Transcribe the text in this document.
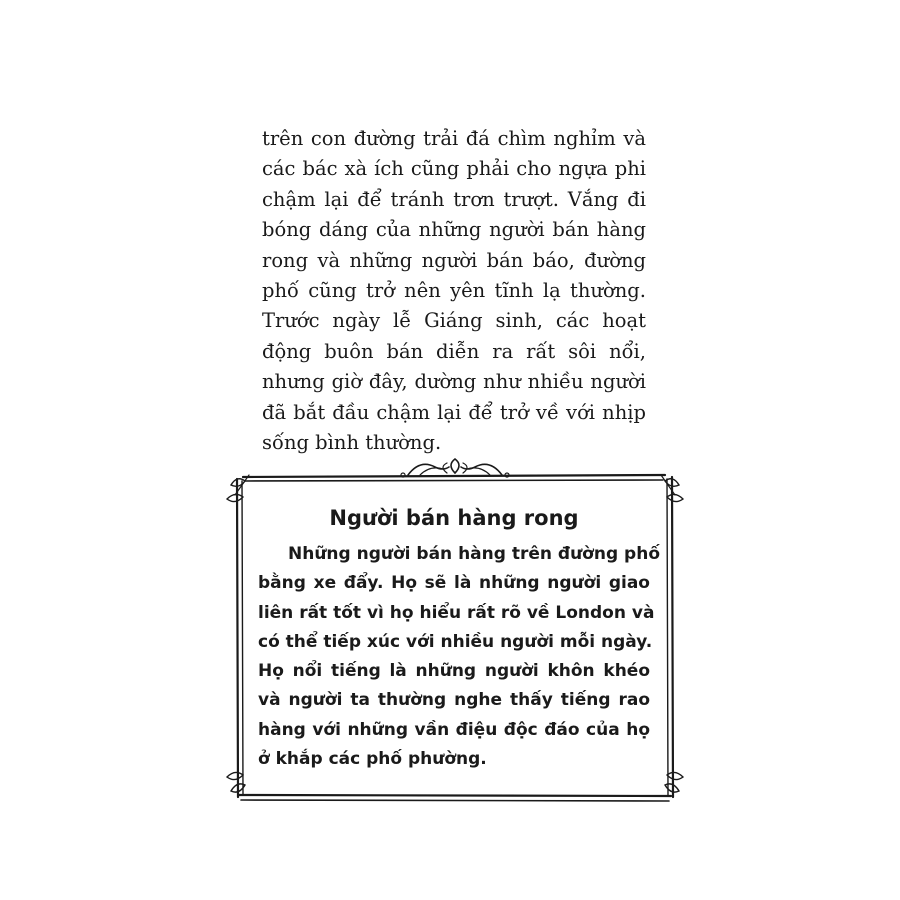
trên con đường trải đá chìm nghỉm và
các bác xà ích cũng phải cho ngựa phi
chậm lại để tránh trơn trượt. Vắng đi
bóng dáng của những người bán hàng
rong và những người bán báo, đường
phố cũng trở nên yên tĩnh lạ thường.
Trước ngày lễ Giáng sinh, các hoạt
động buôn bán diễn ra rất sôi nổi,
nhưng giờ đây, dường như nhiều người
đã bắt đầu chậm lại để trở về với nhịp
sống bình thường.
Người bán hàng rong
Những người bán hàng trên đường phố
bằng xe đẩy. Họ sẽ là những người giao
liên rất tốt vì họ hiểu rất rõ về London và
có thể tiếp xúc với nhiều người mỗi ngày.
Họ nổi tiếng là những người khôn khéo
và người ta thường nghe thấy tiếng rao
hàng với những vần điệu độc đáo của họ
ở khắp các phố phường.
